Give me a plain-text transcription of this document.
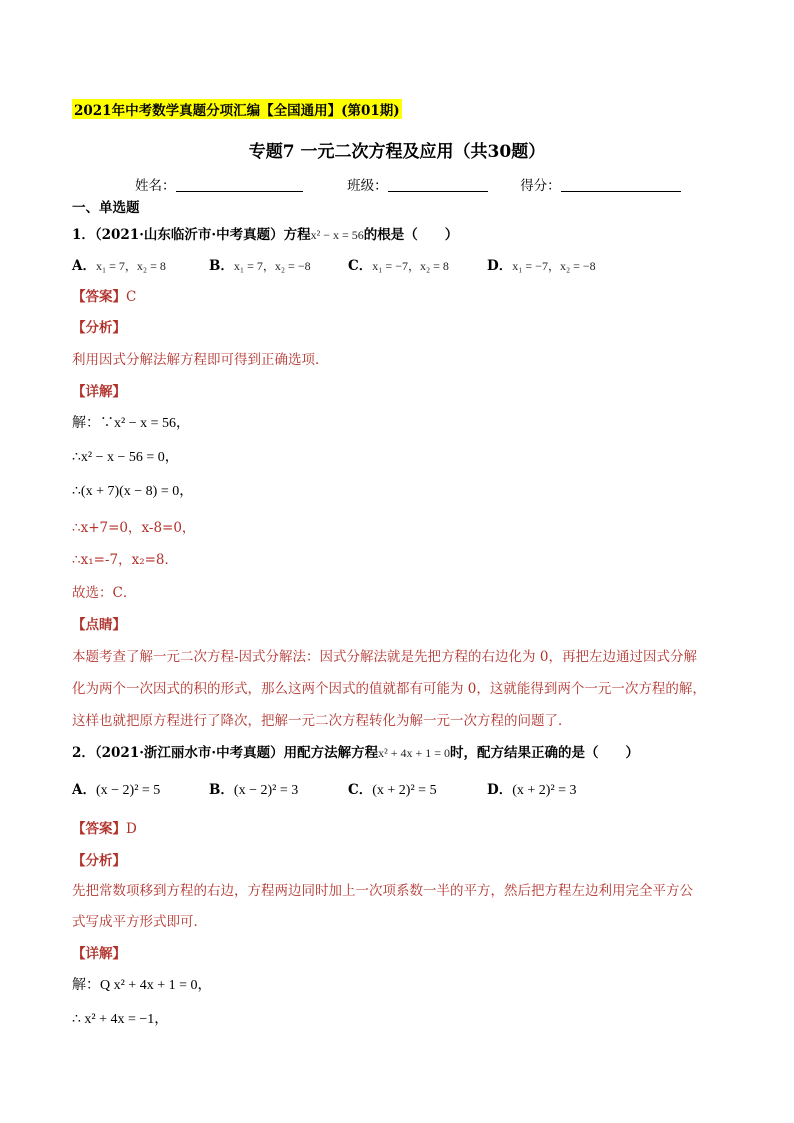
2021年中考数学真题分项汇编【全国通用】(第01期)
专题7 一元二次方程及应用（共30题）
姓名：	班级：	得分：
一、单选题
1．（2021·山东临沂市·中考真题）方程x² − x = 56的根是（　　）
A．x₁ = 7，x₂ = 8	B．x₁ = 7，x₂ = −8	C．x₁ = −7，x₂ = 8	D．x₁ = −7，x₂ = −8
【答案】C
【分析】
利用因式分解法解方程即可得到正确选项．
【详解】
解：∵x² − x = 56，
∴x² − x − 56 = 0，
∴(x + 7)(x − 8) = 0，
∴x+7=0，x-8=0，
∴x₁=-7，x₂=8．
故选：C．
【点睛】
本题考查了解一元二次方程-因式分解法：因式分解法就是先把方程的右边化为 0，再把左边通过因式分解
化为两个一次因式的积的形式，那么这两个因式的值就都有可能为 0，这就能得到两个一元一次方程的解，
这样也就把原方程进行了降次，把解一元二次方程转化为解一元一次方程的问题了．
2．（2021·浙江丽水市·中考真题）用配方法解方程x² + 4x + 1 = 0时，配方结果正确的是（　　）
A．(x − 2)² = 5	B．(x − 2)² = 3	C．(x + 2)² = 5	D．(x + 2)² = 3
【答案】D
【分析】
先把常数项移到方程的右边，方程两边同时加上一次项系数一半的平方，然后把方程左边利用完全平方公
式写成平方形式即可．
【详解】
解：Q x² + 4x + 1 = 0，
∴ x² + 4x = −1，
